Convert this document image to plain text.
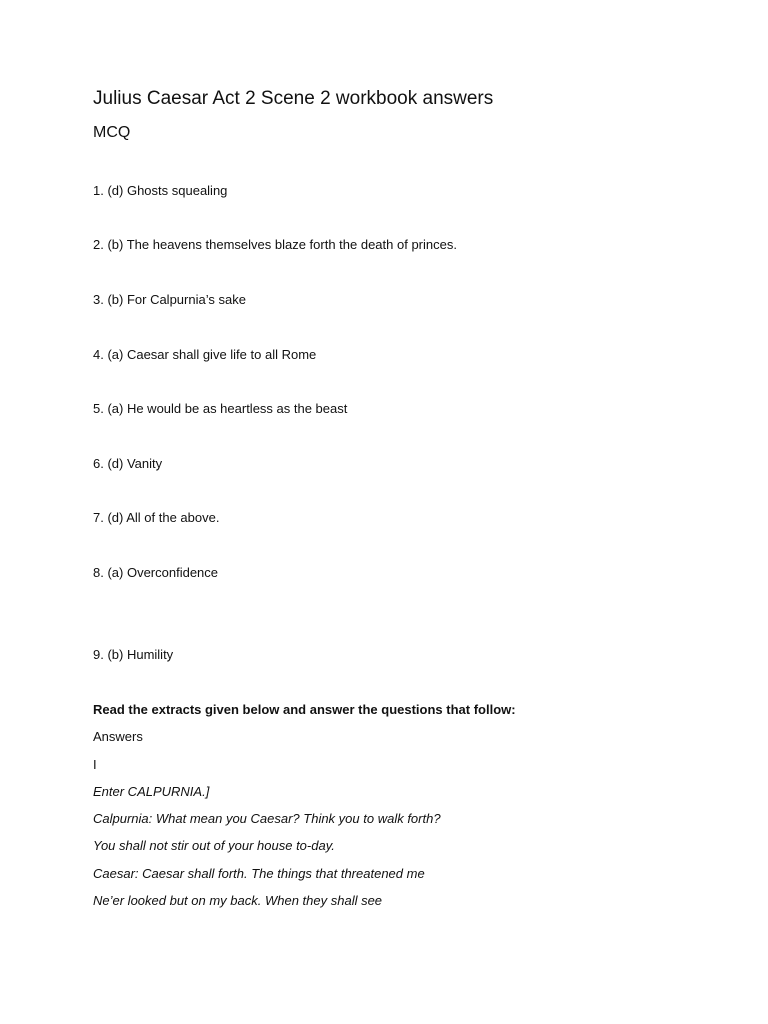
Julius Caesar Act 2 Scene 2 workbook answers
MCQ
1. (d) Ghosts squealing
2. (b) The heavens themselves blaze forth the death of princes.
3. (b) For Calpurnia’s sake
4. (a) Caesar shall give life to all Rome
5. (a) He would be as heartless as the beast
6. (d) Vanity
7. (d) All of the above.
8. (a) Overconfidence
9. (b) Humility
Read the extracts given below and answer the questions that follow:
Answers
I
Enter CALPURNIA.]
Calpurnia: What mean you Caesar? Think you to walk forth?
You shall not stir out of your house to-day.
Caesar: Caesar shall forth. The things that threatened me
Ne’er looked but on my back. When they shall see
